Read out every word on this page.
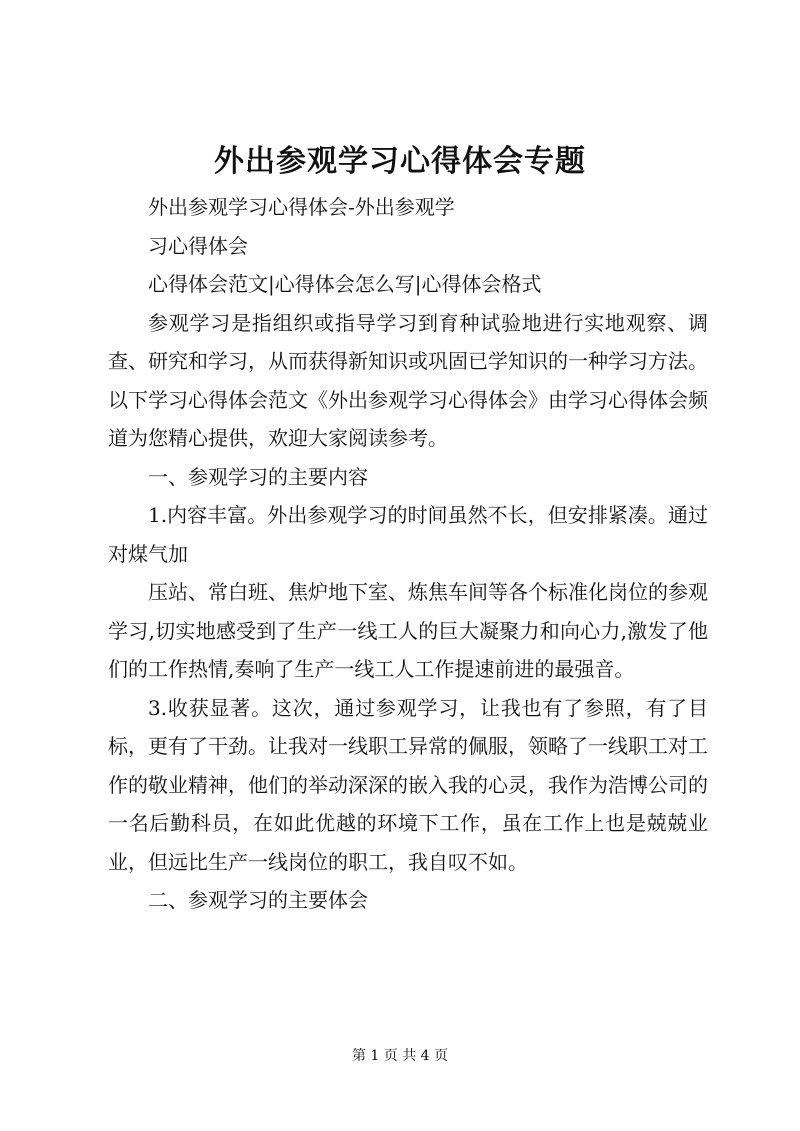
外出参观学习心得体会专题

外出参观学习心得体会-外出参观学

习心得体会

心得体会范文|心得体会怎么写|心得体会格式

参观学习是指组织或指导学习到育种试验地进行实地观察、调查、研究和学习，从而获得新知识或巩固已学知识的一种学习方法。以下学习心得体会范文《外出参观学习心得体会》由学习心得体会频道为您精心提供，欢迎大家阅读参考。

一、参观学习的主要内容

1.内容丰富。外出参观学习的时间虽然不长，但安排紧凑。通过对煤气加

压站、常白班、焦炉地下室、炼焦车间等各个标准化岗位的参观学习,切实地感受到了生产一线工人的巨大凝聚力和向心力,激发了他们的工作热情,奏响了生产一线工人工作提速前进的最强音。

3.收获显著。这次，通过参观学习，让我也有了参照，有了目标，更有了干劲。让我对一线职工异常的佩服，领略了一线职工对工作的敬业精神，他们的举动深深的嵌入我的心灵，我作为浩博公司的一名后勤科员，在如此优越的环境下工作，虽在工作上也是兢兢业业，但远比生产一线岗位的职工，我自叹不如。

二、参观学习的主要体会

第 1 页 共 4 页
